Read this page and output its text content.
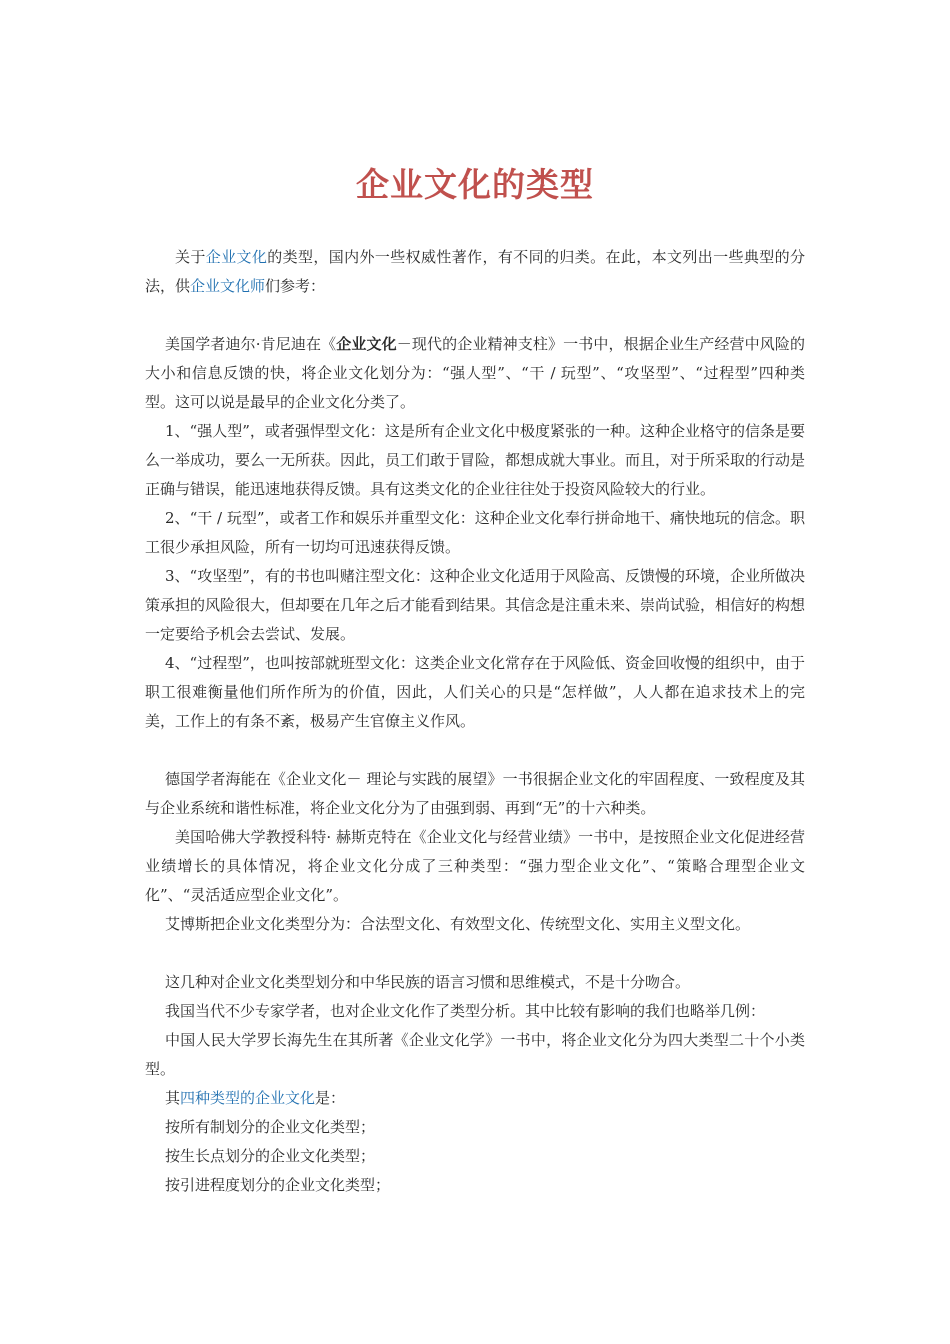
企业文化的类型

关于企业文化的类型，国内外一些权威性著作，有不同的归类。在此，本文列出一些典型的分法，供企业文化师们参考：

美国学者迪尔·肯尼迪在《企业文化－现代的企业精神支柱》一书中，根据企业生产经营中风险的大小和信息反馈的快，将企业文化划分为：“强人型”、“干 / 玩型”、“攻坚型”、“过程型”四种类型。这可以说是最早的企业文化分类了。

1、“强人型”，或者强悍型文化：这是所有企业文化中极度紧张的一种。这种企业格守的信条是要么一举成功，要么一无所获。因此，员工们敢于冒险，都想成就大事业。而且，对于所采取的行动是正确与错误，能迅速地获得反馈。具有这类文化的企业往往处于投资风险较大的行业。

2、“干 / 玩型”，或者工作和娱乐并重型文化：这种企业文化奉行拼命地干、痛快地玩的信念。职工很少承担风险，所有一切均可迅速获得反馈。

3、“攻坚型”，有的书也叫赌注型文化：这种企业文化适用于风险高、反馈慢的环境，企业所做决策承担的风险很大，但却要在几年之后才能看到结果。其信念是注重未来、崇尚试验，相信好的构想一定要给予机会去尝试、发展。

4、“过程型”，也叫按部就班型文化：这类企业文化常存在于风险低、资金回收慢的组织中，由于职工很难衡量他们所作所为的价值，因此，人们关心的只是“怎样做”，人人都在追求技术上的完美，工作上的有条不紊，极易产生官僚主义作风。

德国学者海能在《企业文化－ 理论与实践的展望》一书很据企业文化的牢固程度、一致程度及其与企业系统和谐性标准，将企业文化分为了由强到弱、再到“无”的十六种类。

美国哈佛大学教授科特· 赫斯克特在《企业文化与经营业绩》一书中，是按照企业文化促进经营业绩增长的具体情况，将企业文化分成了三种类型：“强力型企业文化”、“策略合理型企业文化”、“灵活适应型企业文化”。

艾博斯把企业文化类型分为：合法型文化、有效型文化、传统型文化、实用主义型文化。

这几种对企业文化类型划分和中华民族的语言习惯和思维模式，不是十分吻合。

我国当代不少专家学者，也对企业文化作了类型分析。其中比较有影响的我们也略举几例：

中国人民大学罗长海先生在其所著《企业文化学》一书中，将企业文化分为四大类型二十个小类型。

其四种类型的企业文化是：

按所有制划分的企业文化类型；

按生长点划分的企业文化类型；

按引进程度划分的企业文化类型；
